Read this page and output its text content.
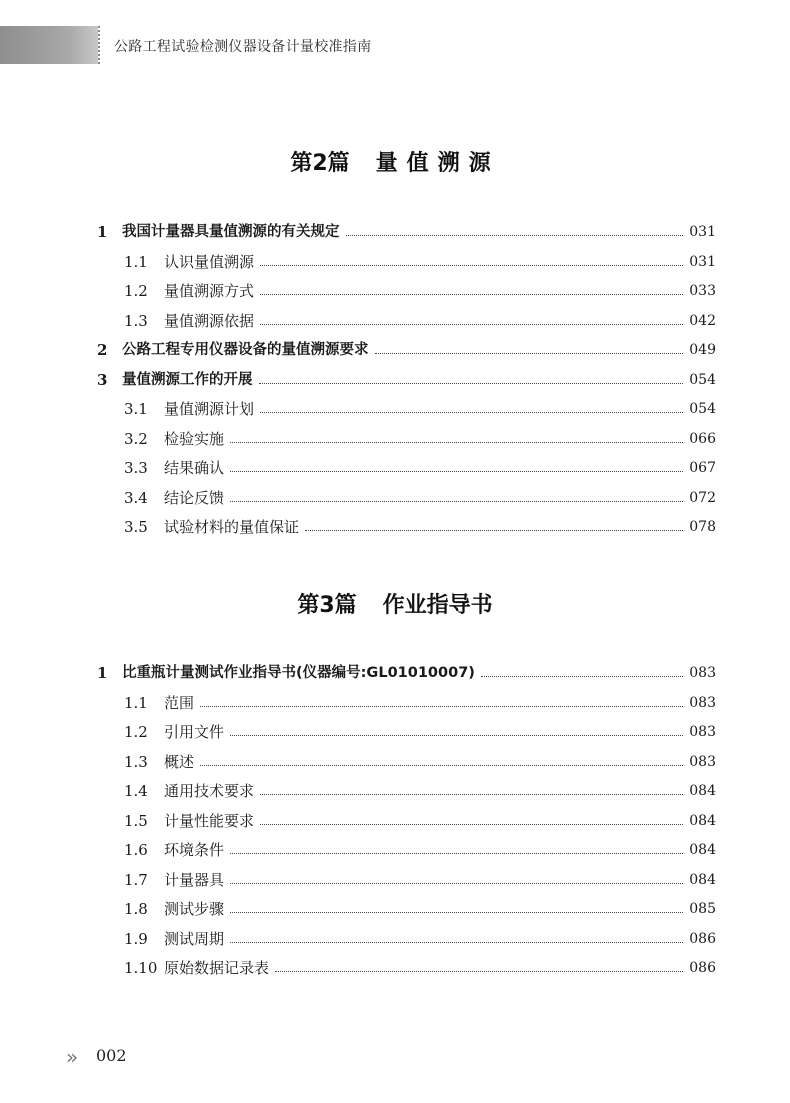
公路工程试验检测仪器设备计量校准指南
第2篇 量值溯源
1 我国计量器具量值溯源的有关规定	031
1.1 认识量值溯源	031
1.2 量值溯源方式	033
1.3 量值溯源依据	042
2 公路工程专用仪器设备的量值溯源要求	049
3 量值溯源工作的开展	054
3.1 量值溯源计划	054
3.2 检验实施	066
3.3 结果确认	067
3.4 结论反馈	072
3.5 试验材料的量值保证	078
第3篇 作业指导书
1 比重瓶计量测试作业指导书(仪器编号:GL01010007)	083
1.1 范围	083
1.2 引用文件	083
1.3 概述	083
1.4 通用技术要求	084
1.5 计量性能要求	084
1.6 环境条件	084
1.7 计量器具	084
1.8 测试步骤	085
1.9 测试周期	086
1.10 原始数据记录表	086
» 002
